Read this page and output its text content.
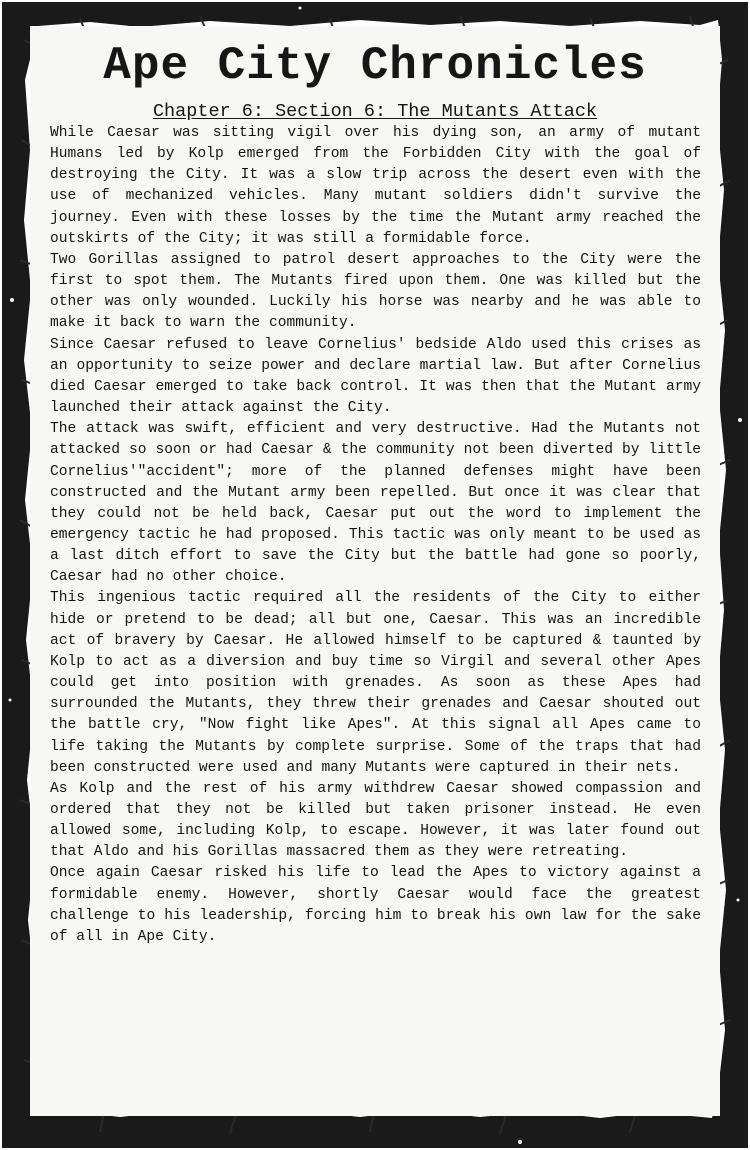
Ape City Chronicles
Chapter 6: Section 6: The Mutants Attack

While Caesar was sitting vigil over his dying son, an army of mutant Humans led by Kolp emerged from the Forbidden City with the goal of destroying the City. It was a slow trip across the desert even with the use of mechanized vehicles. Many mutant soldiers didn't survive the journey. Even with these losses by the time the Mutant army reached the outskirts of the City; it was still a formidable force.

Two Gorillas assigned to patrol desert approaches to the City were the first to spot them. The Mutants fired upon them. One was killed but the other was only wounded. Luckily his horse was nearby and he was able to make it back to warn the community.

Since Caesar refused to leave Cornelius' bedside Aldo used this crises as an opportunity to seize power and declare martial law. But after Cornelius died Caesar emerged to take back control. It was then that the Mutant army launched their attack against the City.

The attack was swift, efficient and very destructive. Had the Mutants not attacked so soon or had Caesar & the community not been diverted by little Cornelius'"accident"; more of the planned defenses might have been constructed and the Mutant army been repelled. But once it was clear that they could not be held back, Caesar put out the word to implement the emergency tactic he had proposed. This tactic was only meant to be used as a last ditch effort to save the City but the battle had gone so poorly, Caesar had no other choice.

This ingenious tactic required all the residents of the City to either hide or pretend to be dead; all but one, Caesar. This was an incredible act of bravery by Caesar. He allowed himself to be captured & taunted by Kolp to act as a diversion and buy time so Virgil and several other Apes could get into position with grenades. As soon as these Apes had surrounded the Mutants, they threw their grenades and Caesar shouted out the battle cry, "Now fight like Apes". At this signal all Apes came to life taking the Mutants by complete surprise. Some of the traps that had been constructed were used and many Mutants were captured in their nets.

As Kolp and the rest of his army withdrew Caesar showed compassion and ordered that they not be killed but taken prisoner instead. He even allowed some, including Kolp, to escape. However, it was later found out that Aldo and his Gorillas massacred them as they were retreating.

Once again Caesar risked his life to lead the Apes to victory against a formidable enemy. However, shortly Caesar would face the greatest challenge to his leadership, forcing him to break his own law for the sake of all in Ape City.
